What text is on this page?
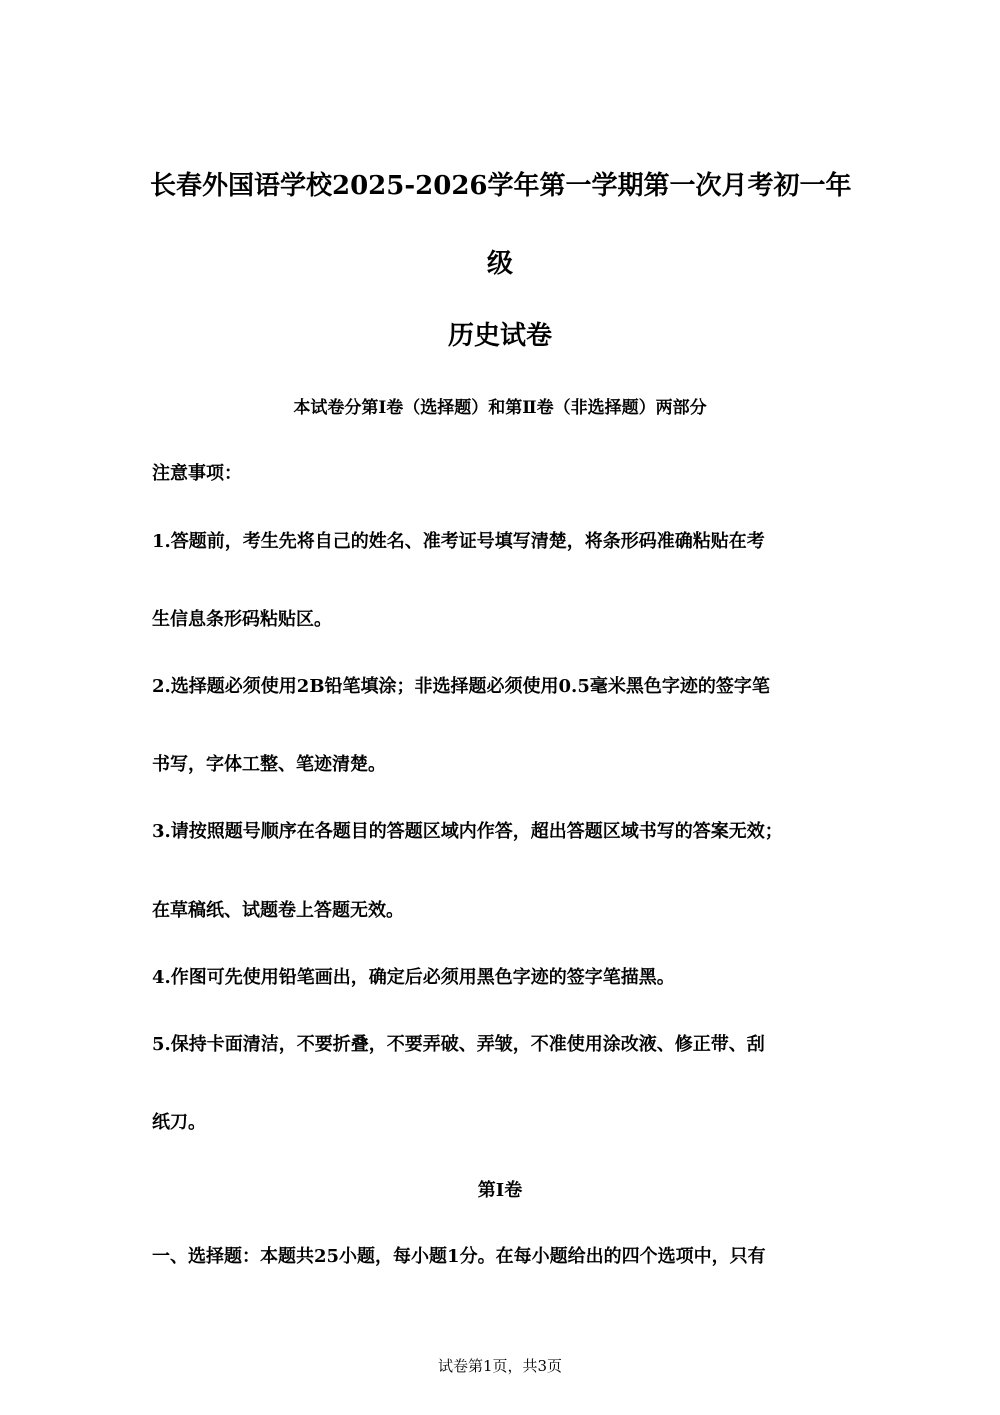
长春外国语学校2025-2026学年第一学期第一次月考初一年
级
历史试卷
本试卷分第Ⅰ卷（选择题）和第Ⅱ卷（非选择题）两部分
注意事项：
1.答题前，考生先将自己的姓名、准考证号填写清楚，将条形码准确粘贴在考
生信息条形码粘贴区。
2.选择题必须使用2B铅笔填涂；非选择题必须使用0.5毫米黑色字迹的签字笔
书写，字体工整、笔迹清楚。
3.请按照题号顺序在各题目的答题区域内作答，超出答题区域书写的答案无效；
在草稿纸、试题卷上答题无效。
4.作图可先使用铅笔画出，确定后必须用黑色字迹的签字笔描黑。
5.保持卡面清洁，不要折叠，不要弄破、弄皱，不准使用涂改液、修正带、刮
纸刀。
第Ⅰ卷
一、选择题：本题共25小题，每小题1分。在每小题给出的四个选项中，只有
试卷第1页，共3页
